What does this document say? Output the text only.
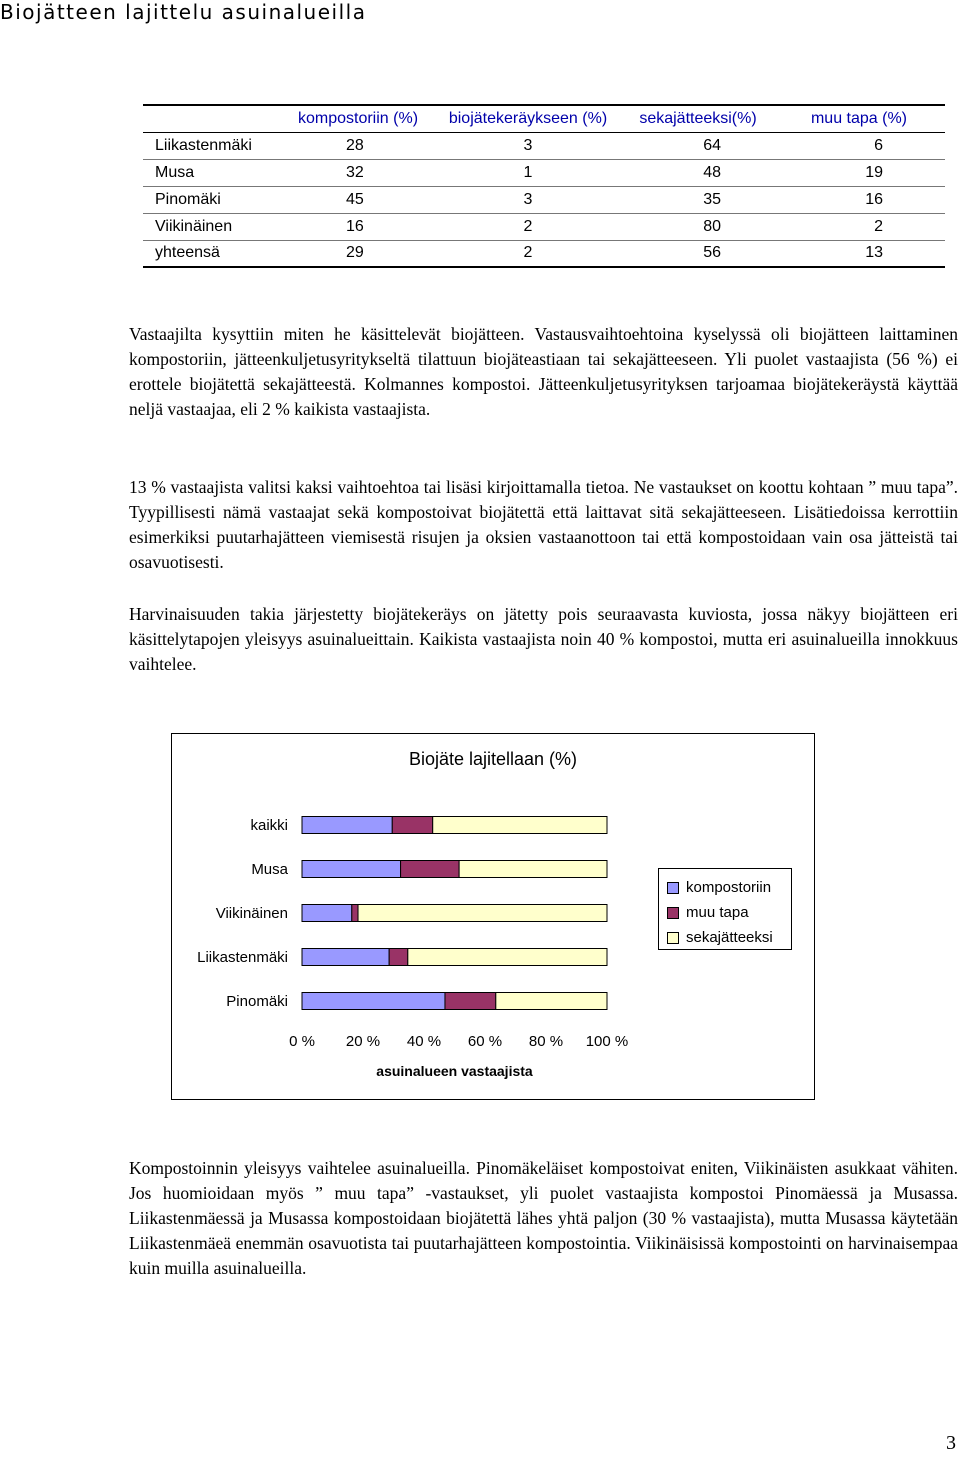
Biojätteen lajittelu asuinalueilla
	kompostoriin (%)	biojätekeräykseen (%)	sekajätteeksi(%)	muu tapa (%)
Liikastenmäki	28	3	64	6
Musa	32	1	48	19
Pinomäki	45	3	35	16
Viikinäinen	16	2	80	2
yhteensä	29	2	56	13

Vastaajilta kysyttiin miten he käsittelevät biojätteen. Vastausvaihtoehtoina kyselyssä oli biojätteen laittaminen kompostoriin, jätteenkuljetusyritykseltä tilattuun biojäteastiaan tai sekajätteeseen. Yli puolet vastaajista (56 %) ei erottele biojätettä sekajätteestä. Kolmannes kompostoi. Jätteenkuljetusyrityksen tarjoamaa biojätekeräystä käyttää neljä vastaajaa, eli 2 % kaikista vastaajista.

13 % vastaajista valitsi kaksi vaihtoehtoa tai lisäsi kirjoittamalla tietoa. Ne vastaukset on koottu kohtaan ” muu tapa”. Tyypillisesti nämä vastaajat sekä kompostoivat biojätettä että laittavat sitä sekajätteeseen. Lisätiedoissa kerrottiin esimerkiksi puutarhajätteen viemisestä risujen ja oksien vastaanottoon tai että kompostoidaan vain osa jätteistä tai osavuotisesti.

Harvinaisuuden takia järjestetty biojätekeräys on jätetty pois seuraavasta kuviosta, jossa näkyy biojätteen eri käsittelytapojen yleisyys asuinalueittain. Kaikista vastaajista noin 40 % kompostoi, mutta eri asuinalueilla innokkuus vaihtelee.

Biojäte lajitellaan (%)
kaikki
Musa
Viikinäinen
Liikastenmäki
Pinomäki
0 % 20 % 40 % 60 % 80 % 100 %
asuinalueen vastaajista
kompostoriin
muu tapa
sekajätteeksi

Kompostoinnin yleisyys vaihtelee asuinalueilla. Pinomäkeläiset kompostoivat eniten, Viikinäisten asukkaat vähiten. Jos huomioidaan myös ” muu tapa” -vastaukset, yli puolet vastaajista kompostoi Pinomäessä ja Musassa. Liikastenmäessä ja Musassa kompostoidaan biojätettä lähes yhtä paljon (30 % vastaajista), mutta Musassa käytetään Liikastenmäeä enemmän osavuotista tai puutarhajätteen kompostointia. Viikinäisissä kompostointi on harvinaisempaa kuin muilla asuinalueilla.

3
